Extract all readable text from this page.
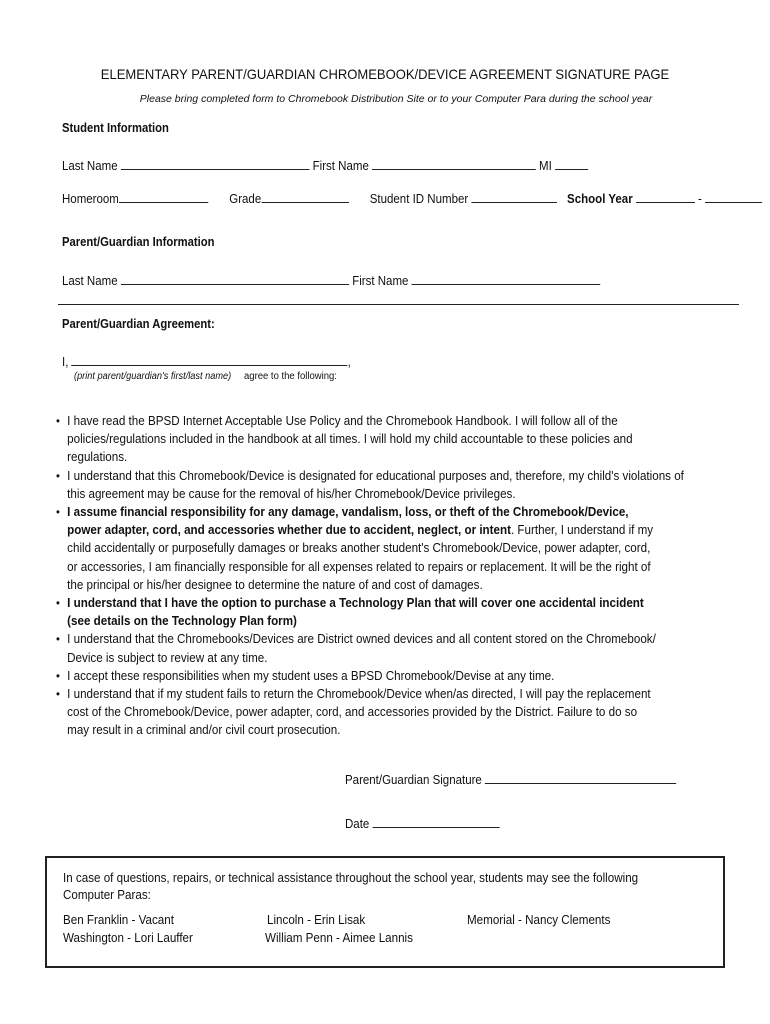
ELEMENTARY PARENT/GUARDIAN CHROMEBOOK/DEVICE AGREEMENT SIGNATURE PAGE
Please bring completed form to Chromebook Distribution Site or to your Computer Para during the school year
Student Information
Last Name	First Name	MI
Homeroom	Grade	Student ID Number	School Year	-
Parent/Guardian Information
Last Name	First Name
Parent/Guardian Agreement:
I,	,
(print parent/guardian's first/last name) agree to the following:
• I have read the BPSD Internet Acceptable Use Policy and the Chromebook Handbook. I will follow all of the
policies/regulations included in the handbook at all times. I will hold my child accountable to these policies and
regulations.
• I understand that this Chromebook/Device is designated for educational purposes and, therefore, my child's violations of
this agreement may be cause for the removal of his/her Chromebook/Device privileges.
• I assume financial responsibility for any damage, vandalism, loss, or theft of the Chromebook/Device,
power adapter, cord, and accessories whether due to accident, neglect, or intent. Further, I understand if my
child accidentally or purposefully damages or breaks another student's Chromebook/Device, power adapter, cord,
or accessories, I am financially responsible for all expenses related to repairs or replacement. It will be the right of
the principal or his/her designee to determine the nature of and cost of damages.
• I understand that I have the option to purchase a Technology Plan that will cover one accidental incident
(see details on the Technology Plan form)
• I understand that the Chromebooks/Devices are District owned devices and all content stored on the Chromebook/
Device is subject to review at any time.
• I accept these responsibilities when my student uses a BPSD Chromebook/Devise at any time.
• I understand that if my student fails to return the Chromebook/Device when/as directed, I will pay the replacement
cost of the Chromebook/Device, power adapter, cord, and accessories provided by the District. Failure to do so
may result in a criminal and/or civil court prosecution.
Parent/Guardian Signature
Date
In case of questions, repairs, or technical assistance throughout the school year, students may see the following
Computer Paras:
Ben Franklin - Vacant	Lincoln - Erin Lisak	Memorial - Nancy Clements
Washington - Lori Lauffer	William Penn - Aimee Lannis
